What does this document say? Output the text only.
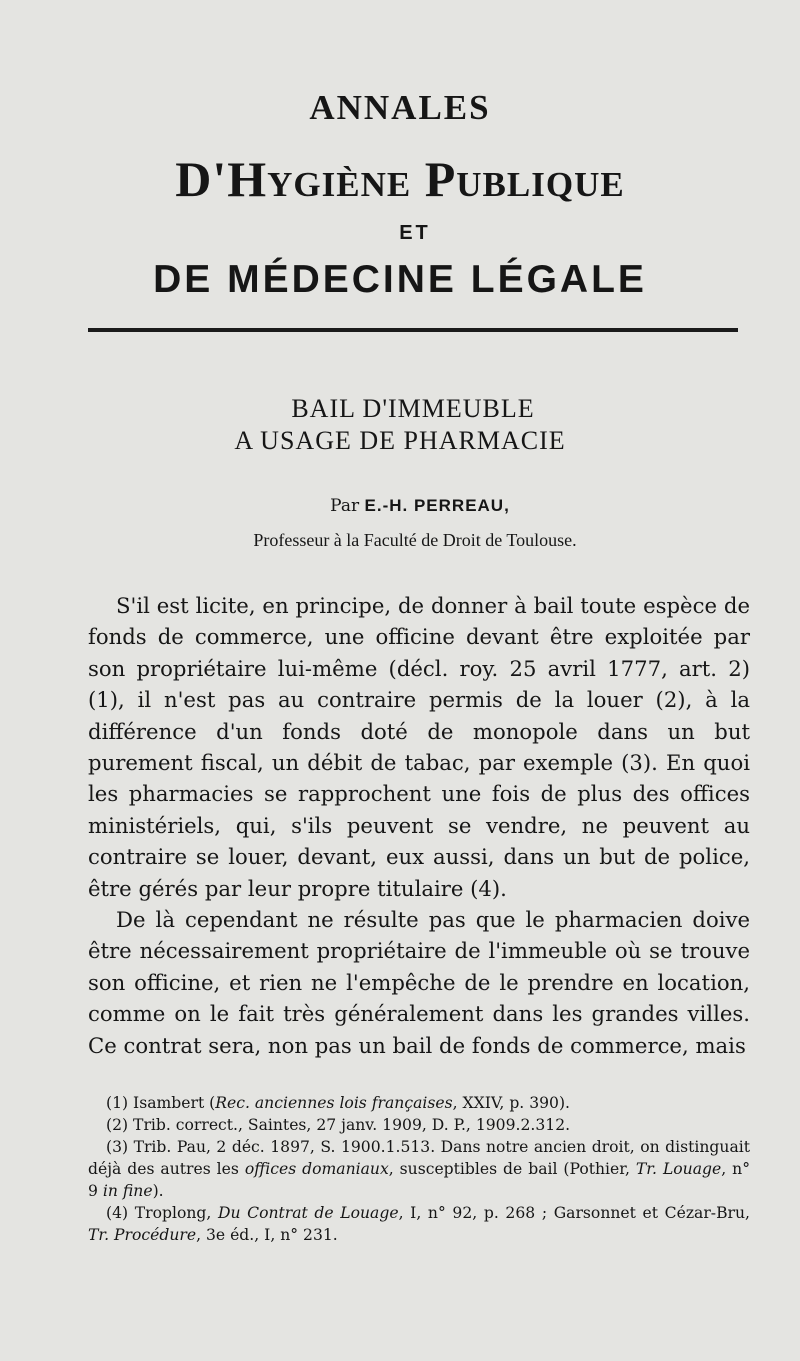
ANNALES
D'Hygiène Publique
ET
DE MÉDECINE LÉGALE
BAIL D'IMMEUBLE
A USAGE DE PHARMACIE
Par E.-H. PERREAU,
Professeur à la Faculté de Droit de Toulouse.

S'il est licite, en principe, de donner à bail toute espèce de fonds de commerce, une officine devant être exploitée par son propriétaire lui-même (décl. roy. 25 avril 1777, art. 2) (1), il n'est pas au contraire permis de la louer (2), à la différence d'un fonds doté de monopole dans un but purement fiscal, un débit de tabac, par exemple (3). En quoi les pharmacies se rapprochent une fois de plus des offices ministériels, qui, s'ils peuvent se vendre, ne peuvent au contraire se louer, devant, eux aussi, dans un but de police, être gérés par leur propre titulaire (4).

De là cependant ne résulte pas que le pharmacien doive être nécessairement propriétaire de l'immeuble où se trouve son officine, et rien ne l'empêche de le prendre en location, comme on le fait très généralement dans les grandes villes. Ce contrat sera, non pas un bail de fonds de commerce, mais

(1) Isambert (Rec. anciennes lois françaises, XXIV, p. 390).

(2) Trib. correct., Saintes, 27 janv. 1909, D. P., 1909.2.312.

(3) Trib. Pau, 2 déc. 1897, S. 1900.1.513. Dans notre ancien droit, on distinguait déjà des autres les offices domaniaux, susceptibles de bail (Pothier, Tr. Louage, n° 9 in fine).

(4) Troplong, Du Contrat de Louage, I, n° 92, p. 268 ; Garsonnet et Cézar-Bru, Tr. Procédure, 3e éd., I, n° 231.
